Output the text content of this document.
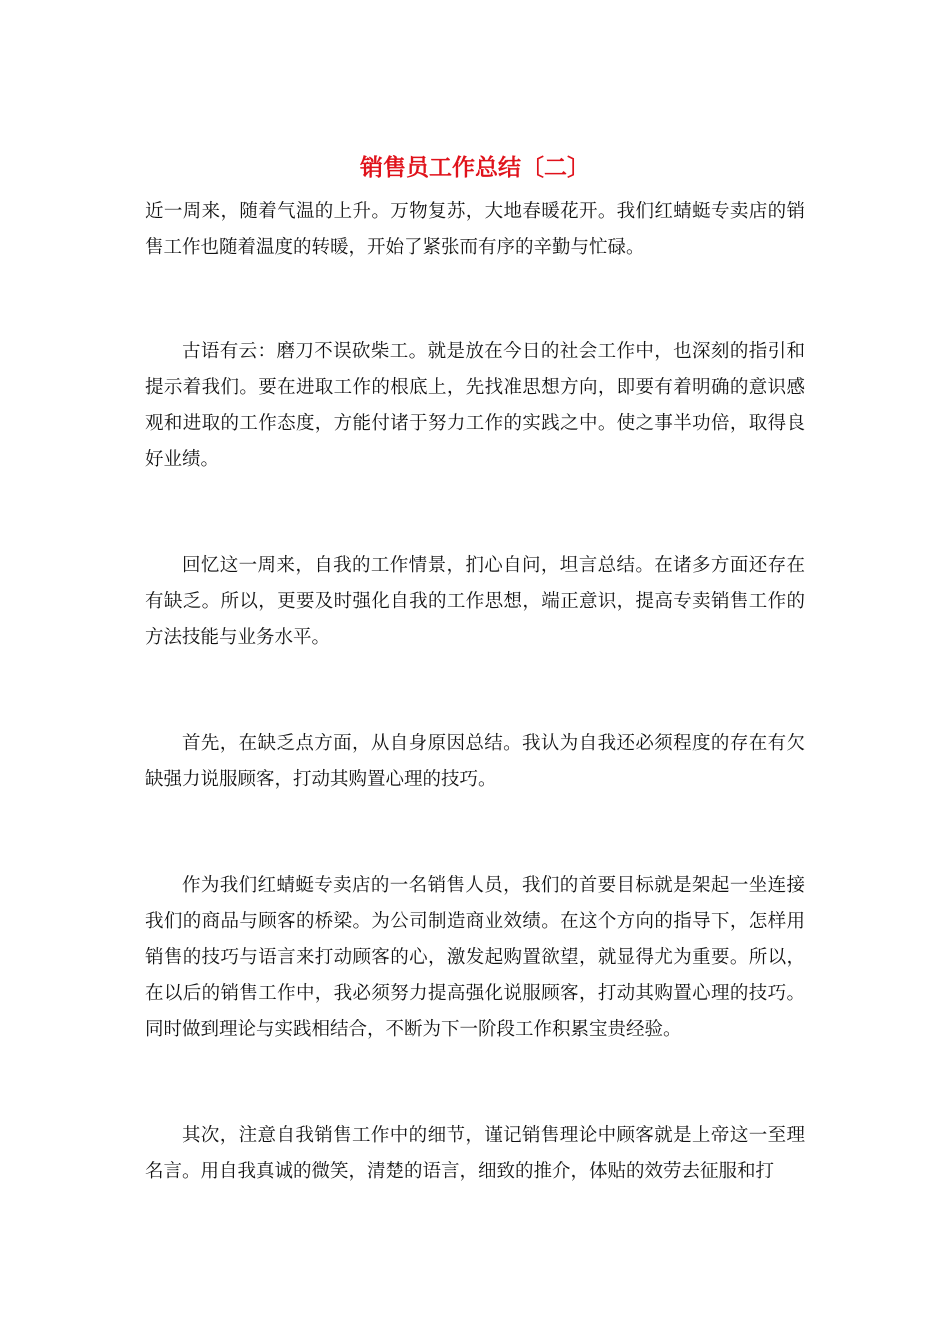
销售员工作总结〔二〕

近一周来，随着气温的上升。万物复苏，大地春暖花开。我们红蜻蜓专卖店的销售工作也随着温度的转暖，开始了紧张而有序的辛勤与忙碌。

古语有云：磨刀不误砍柴工。就是放在今日的社会工作中，也深刻的指引和提示着我们。要在进取工作的根底上，先找准思想方向，即要有着明确的意识感观和进取的工作态度，方能付诸于努力工作的实践之中。使之事半功倍，取得良好业绩。

回忆这一周来，自我的工作情景，扪心自问，坦言总结。在诸多方面还存在有缺乏。所以，更要及时强化自我的工作思想，端正意识，提高专卖销售工作的方法技能与业务水平。

首先，在缺乏点方面，从自身原因总结。我认为自我还必须程度的存在有欠缺强力说服顾客，打动其购置心理的技巧。

作为我们红蜻蜓专卖店的一名销售人员，我们的首要目标就是架起一坐连接我们的商品与顾客的桥梁。为公司制造商业效绩。在这个方向的指导下，怎样用销售的技巧与语言来打动顾客的心，激发起购置欲望，就显得尤为重要。所以，在以后的销售工作中，我必须努力提高强化说服顾客，打动其购置心理的技巧。同时做到理论与实践相结合，不断为下一阶段工作积累宝贵经验。

其次，注意自我销售工作中的细节，谨记销售理论中顾客就是上帝这一至理名言。用自我真诚的微笑，清楚的语言，细致的推介，体贴的效劳去征服和打
